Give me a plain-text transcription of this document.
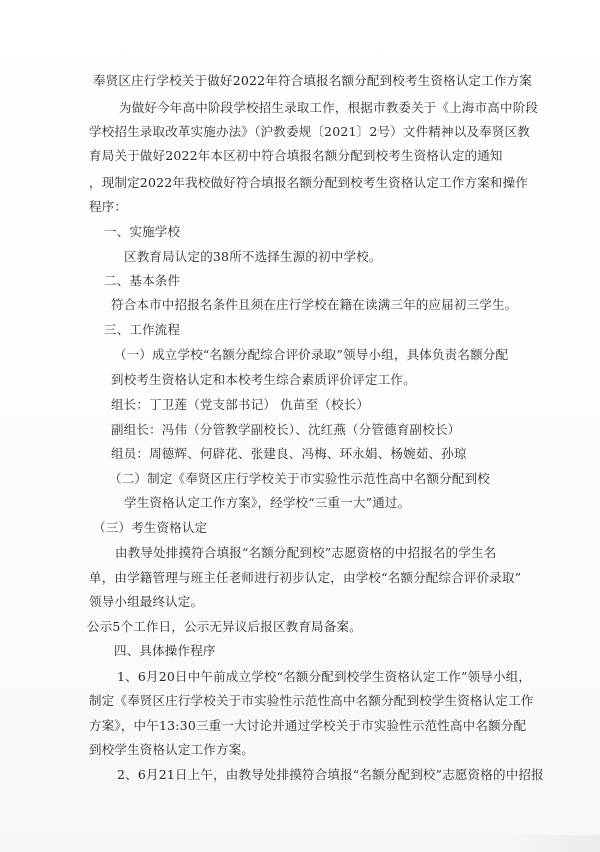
奉贤区庄行学校关于做好2022年符合填报名额分配到校考生资格认定工作方案
为做好今年高中阶段学校招生录取工作，根据市教委关于《上海市高中阶段
学校招生录取改革实施办法》（沪教委规〔2021〕2号）文件精神以及奉贤区教
育局关于做好2022年本区初中符合填报名额分配到校考生资格认定的通知
，现制定2022年我校做好符合填报名额分配到校考生资格认定工作方案和操作
程序：
一、实施学校
区教育局认定的38所不选择生源的初中学校。
二、基本条件
符合本市中招报名条件且须在庄行学校在籍在读满三年的应届初三学生。
三、工作流程
（一）成立学校“名额分配综合评价录取”领导小组，具体负责名额分配
到校考生资格认定和本校考生综合素质评价评定工作。
组长：丁卫莲（党支部书记） 仇苗至（校长）
副组长：冯伟（分管教学副校长）、沈红燕（分管德育副校长）
组员：周德辉、何辟花、张建良、冯梅、环永娟、杨婉茹、孙琼
（二）制定《奉贤区庄行学校关于市实验性示范性高中名额分配到校
学生资格认定工作方案》，经学校“三重一大”通过。
（三）考生资格认定
由教导处排摸符合填报“名额分配到校”志愿资格的中招报名的学生名
单，由学籍管理与班主任老师进行初步认定，由学校“名额分配综合评价录取”
领导小组最终认定。
公示5个工作日，公示无异议后报区教育局备案。
四、具体操作程序
1、6月20日中午前成立学校“名额分配到校学生资格认定工作”领导小组，
制定《奉贤区庄行学校关于市实验性示范性高中名额分配到校学生资格认定工作
方案》，中午13:30三重一大讨论并通过学校关于市实验性示范性高中名额分配
到校学生资格认定工作方案。
2、6月21日上午，由教导处排摸符合填报“名额分配到校”志愿资格的中招报
